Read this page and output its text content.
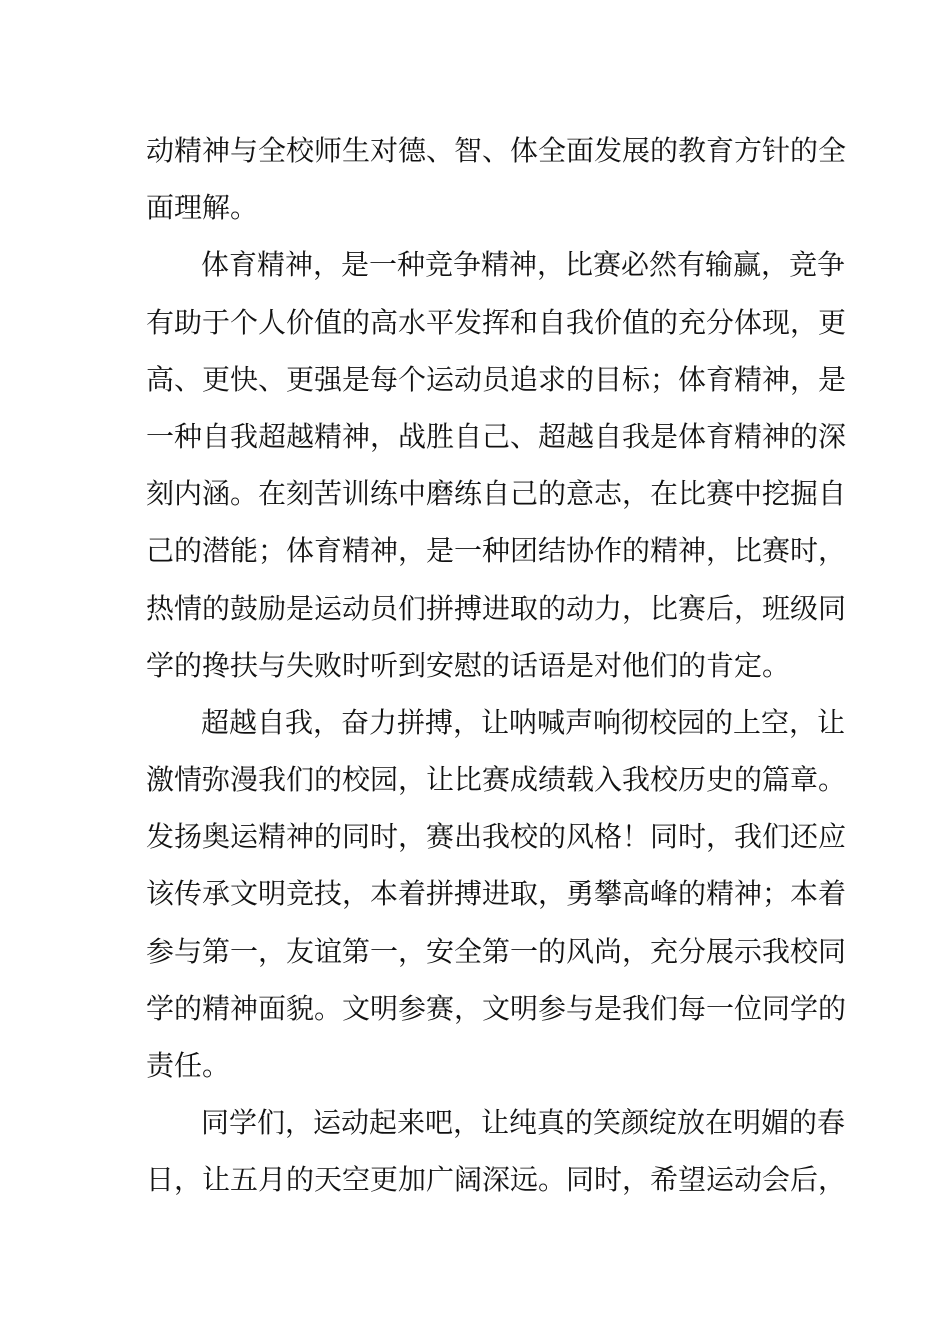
动精神与全校师生对德、智、体全面发展的教育方针的全
面理解。
体育精神，是一种竞争精神，比赛必然有输赢，竞争
有助于个人价值的高水平发挥和自我价值的充分体现，更
高、更快、更强是每个运动员追求的目标；体育精神，是
一种自我超越精神，战胜自己、超越自我是体育精神的深
刻内涵。在刻苦训练中磨练自己的意志，在比赛中挖掘自
己的潜能；体育精神，是一种团结协作的精神，比赛时，
热情的鼓励是运动员们拼搏进取的动力，比赛后，班级同
学的搀扶与失败时听到安慰的话语是对他们的肯定。
超越自我，奋力拼搏，让呐喊声响彻校园的上空，让
激情弥漫我们的校园，让比赛成绩载入我校历史的篇章。
发扬奥运精神的同时，赛出我校的风格！同时，我们还应
该传承文明竞技，本着拼搏进取，勇攀高峰的精神；本着
参与第一，友谊第一，安全第一的风尚，充分展示我校同
学的精神面貌。文明参赛，文明参与是我们每一位同学的
责任。
同学们，运动起来吧，让纯真的笑颜绽放在明媚的春
日，让五月的天空更加广阔深远。同时，希望运动会后，
